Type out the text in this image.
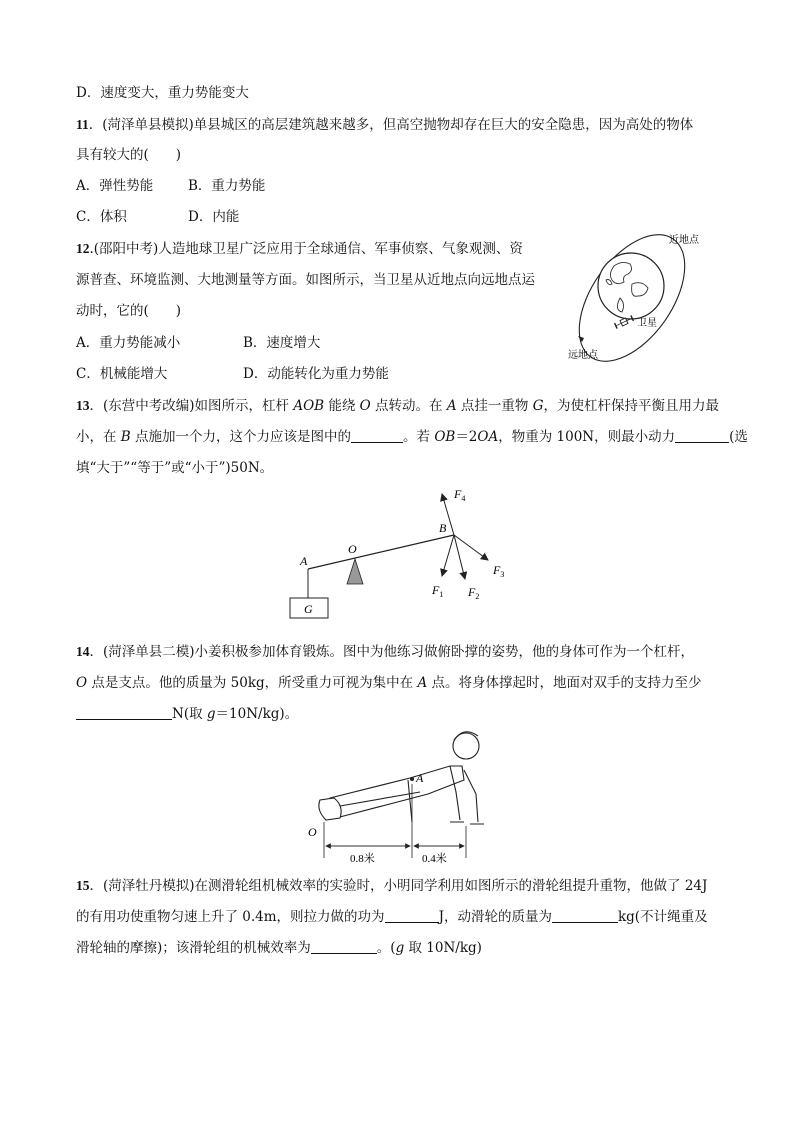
D．速度变大，重力势能变大
11．(菏泽单县模拟)单县城区的高层建筑越来越多，但高空抛物却存在巨大的安全隐患，因为高处的物体
具有较大的(　　)
A．弹性势能	B．重力势能
C．体积	D．内能
12.(邵阳中考)人造地球卫星广泛应用于全球通信、军事侦察、气象观测、资
源普查、环境监测、大地测量等方面。如图所示，当卫星从近地点向远地点运
动时，它的(　　)
A．重力势能减小	B．速度增大
C．机械能增大	D．动能转化为重力势能
近地点
卫星
远地点
13．(东营中考改编)如图所示，杠杆 AOB 能绕 O 点转动。在 A 点挂一重物 G，为使杠杆保持平衡且用力最
小，在 B 点施加一个力，这个力应该是图中的	。若 OB＝2OA，物重为 100N，则最小动力	(选
填“大于”“等于”或“小于”)50N。
$F_4$
B
O
A
$F_3$
$F_1$ $F_2$
G
14．(菏泽单县二模)小姜积极参加体育锻炼。图中为他练习做俯卧撑的姿势，他的身体可作为一个杠杆，
O 点是支点。他的质量为 50kg，所受重力可视为集中在 A 点。将身体撑起时，地面对双手的支持力至少
N(取 g＝10N/kg)。
A
O
0.8米	0.4米
15．(菏泽牡丹模拟)在测滑轮组机械效率的实验时，小明同学利用如图所示的滑轮组提升重物，他做了 24J
的有用功使重物匀速上升了 0.4m，则拉力做的功为	J，动滑轮的质量为	kg(不计绳重及
滑轮轴的摩擦)；该滑轮组的机械效率为	。(g 取 10N/kg)
